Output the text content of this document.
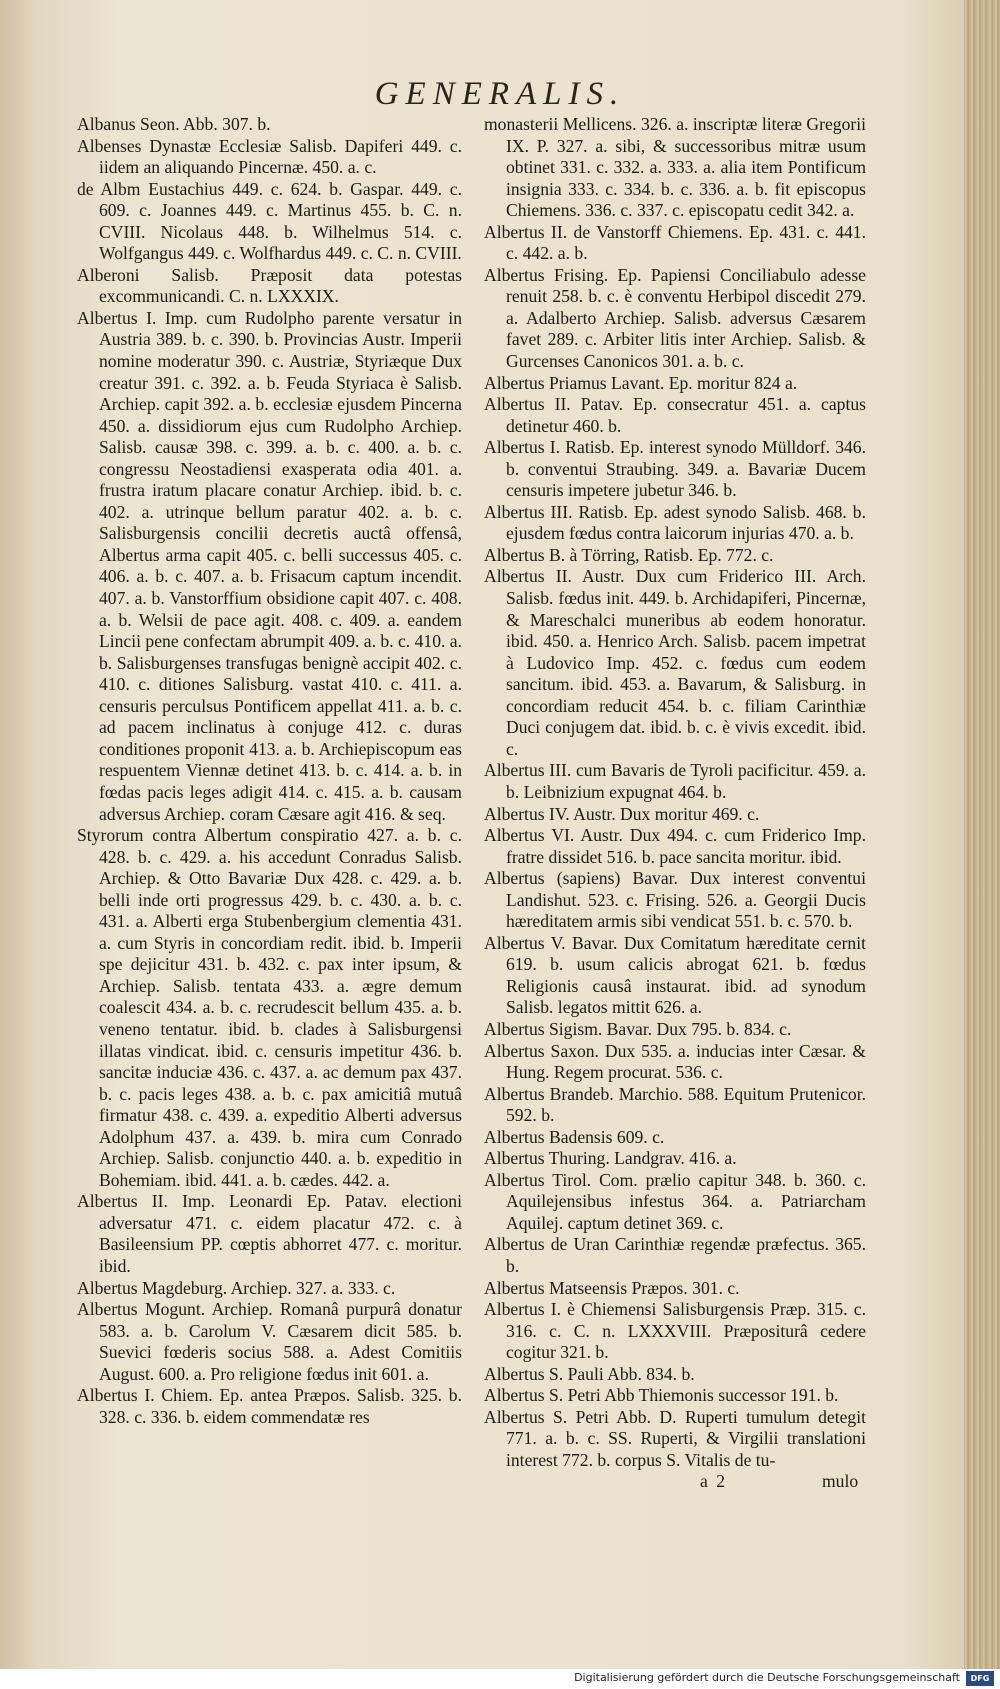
GENERALIS.
Albanus Seon. Abb. 307. b.
Albenses Dynastæ Ecclesiæ Salisb. Dapiferi 449. c. iidem an aliquando Pincernæ. 450. a. c.
de Albm Eustachius 449. c. 624. b. Gaspar. 449. c. 609. c. Joannes 449. c. Martinus 455. b. C. n. CVIII. Nicolaus 448. b. Wilhelmus 514. c. Wolfgangus 449. c. Wolfhardus 449. c. C. n. CVIII.
Alberoni Salisb. Præposit data potestas excommunicandi. C. n. LXXXIX.
Albertus I. Imp. cum Rudolpho parente versatur in Austria 389. b. c. 390. b. Provincias Austr. Imperii nomine moderatur 390. c. Austriæ, Styriæque Dux creatur 391. c. 392. a. b. Feuda Styriaca è Salisb. Archiep. capit 392. a. b. ecclesiæ ejusdem Pincerna 450. a. dissidiorum ejus cum Rudolpho Archiep. Salisb. causæ 398. c. 399. a. b. c. 400. a. b. c. congressu Neostadiensi exasperata odia 401. a. frustra iratum placare conatur Archiep. ibid. b. c. 402. a. utrinque bellum paratur 402. a. b. c. Salisburgensis concilii decretis auctâ offensâ, Albertus arma capit 405. c. belli successus 405. c. 406. a. b. c. 407. a. b. Frisacum captum incendit. 407. a. b. Vanstorffium obsidione capit 407. c. 408. a. b. Welsii de pace agit. 408. c. 409. a. eandem Lincii pene confectam abrumpit 409. a. b. c. 410. a. b. Salisburgenses transfugas benignè accipit 402. c. 410. c. ditiones Salisburg. vastat 410. c. 411. a. censuris perculsus Pontificem appellat 411. a. b. c. ad pacem inclinatus à conjuge 412. c. duras conditiones proponit 413. a. b. Archiepiscopum eas respuentem Viennæ detinet 413. b. c. 414. a. b. in fœdas pacis leges adigit 414. c. 415. a. b. causam adversus Archiep. coram Cæsare agit 416. & seq.
Styrorum contra Albertum conspiratio 427. a. b. c. 428. b. c. 429. a. his accedunt Conradus Salisb. Archiep. & Otto Bavariæ Dux 428. c. 429. a. b. belli inde orti progressus 429. b. c. 430. a. b. c. 431. a. Alberti erga Stubenbergium clementia 431. a. cum Styris in concordiam redit. ibid. b. Imperii spe dejicitur 431. b. 432. c. pax inter ipsum, & Archiep. Salisb. tentata 433. a. ægre demum coalescit 434. a. b. c. recrudescit bellum 435. a. b. veneno tentatur. ibid. b. clades à Salisburgensi illatas vindicat. ibid. c. censuris impetitur 436. b. sancitæ induciæ 436. c. 437. a. ac demum pax 437. b. c. pacis leges 438. a. b. c. pax amicitiâ mutuâ firmatur 438. c. 439. a. expeditio Alberti adversus Adolphum 437. a. 439. b. mira cum Conrado Archiep. Salisb. conjunctio 440. a. b. expeditio in Bohemiam. ibid. 441. a. b. cædes. 442. a.
Albertus II. Imp. Leonardi Ep. Patav. electioni adversatur 471. c. eidem placatur 472. c. à Basileensium PP. cœptis abhorret 477. c. moritur. ibid.
Albertus Magdeburg. Archiep. 327. a. 333. c.
Albertus Mogunt. Archiep. Romanâ purpurâ donatur 583. a. b. Carolum V. Cæsarem dicit 585. b. Suevici fœderis socius 588. a. Adest Comitiis August. 600. a. Pro religione fœdus init 601. a.
Albertus I. Chiem. Ep. antea Præpos. Salisb. 325. b. 328. c. 336. b. eidem commendatæ res
monasterii Mellicens. 326. a. inscriptæ literæ Gregorii IX. P. 327. a. sibi, & successoribus mitræ usum obtinet 331. c. 332. a. 333. a. alia item Pontificum insignia 333. c. 334. b. c. 336. a. b. fit episcopus Chiemens. 336. c. 337. c. episcopatu cedit 342. a.
Albertus II. de Vanstorff Chiemens. Ep. 431. c. 441. c. 442. a. b.
Albertus Frising. Ep. Papiensi Conciliabulo adesse renuit 258. b. c. è conventu Herbipol discedit 279. a. Adalberto Archiep. Salisb. adversus Cæsarem favet 289. c. Arbiter litis inter Archiep. Salisb. & Gurcenses Canonicos 301. a. b. c.
Albertus Priamus Lavant. Ep. moritur 824 a.
Albertus II. Patav. Ep. consecratur 451. a. captus detinetur 460. b.
Albertus I. Ratisb. Ep. interest synodo Mülldorf. 346. b. conventui Straubing. 349. a. Bavariæ Ducem censuris impetere jubetur 346. b.
Albertus III. Ratisb. Ep. adest synodo Salisb. 468. b. ejusdem fœdus contra laicorum injurias 470. a. b.
Albertus B. à Törring, Ratisb. Ep. 772. c.
Albertus II. Austr. Dux cum Friderico III. Arch. Salisb. fœdus init. 449. b. Archidapiferi, Pincernæ, & Mareschalci muneribus ab eodem honoratur. ibid. 450. a. Henrico Arch. Salisb. pacem impetrat à Ludovico Imp. 452. c. fœdus cum eodem sancitum. ibid. 453. a. Bavarum, & Salisburg. in concordiam reducit 454. b. c. filiam Carinthiæ Duci conjugem dat. ibid. b. c. è vivis excedit. ibid. c.
Albertus III. cum Bavaris de Tyroli pacificitur. 459. a. b. Leibnizium expugnat 464. b.
Albertus IV. Austr. Dux moritur 469. c.
Albertus VI. Austr. Dux 494. c. cum Friderico Imp. fratre dissidet 516. b. pace sancita moritur. ibid.
Albertus (sapiens) Bavar. Dux interest conventui Landishut. 523. c. Frising. 526. a. Georgii Ducis hæreditatem armis sibi vendicat 551. b. c. 570. b.
Albertus V. Bavar. Dux Comitatum hæreditate cernit 619. b. usum calicis abrogat 621. b. fœdus Religionis causâ instaurat. ibid. ad synodum Salisb. legatos mittit 626. a.
Albertus Sigism. Bavar. Dux 795. b. 834. c.
Albertus Saxon. Dux 535. a. inducias inter Cæsar. & Hung. Regem procurat. 536. c.
Albertus Brandeb. Marchio. 588. Equitum Prutenicor. 592. b.
Albertus Badensis 609. c.
Albertus Thuring. Landgrav. 416. a.
Albertus Tirol. Com. prælio capitur 348. b. 360. c. Aquilejensibus infestus 364. a. Patriarcham Aquilej. captum detinet 369. c.
Albertus de Uran Carinthiæ regendæ præfectus. 365. b.
Albertus Matseensis Præpos. 301. c.
Albertus I. è Chiemensi Salisburgensis Præp. 315. c. 316. c. C. n. LXXXVIII. Præpositurâ cedere cogitur 321. b.
Albertus S. Pauli Abb. 834. b.
Albertus S. Petri Abb Thiemonis successor 191. b.
Albertus S. Petri Abb. D. Ruperti tumulum detegit 771. a. b. c. SS. Ruperti, & Virgilii translationi interest 772. b. corpus S. Vitalis de tu-
a 2	mulo
Digitalisierung gefördert durch die Deutsche Forschungsgemeinschaft	DFG
